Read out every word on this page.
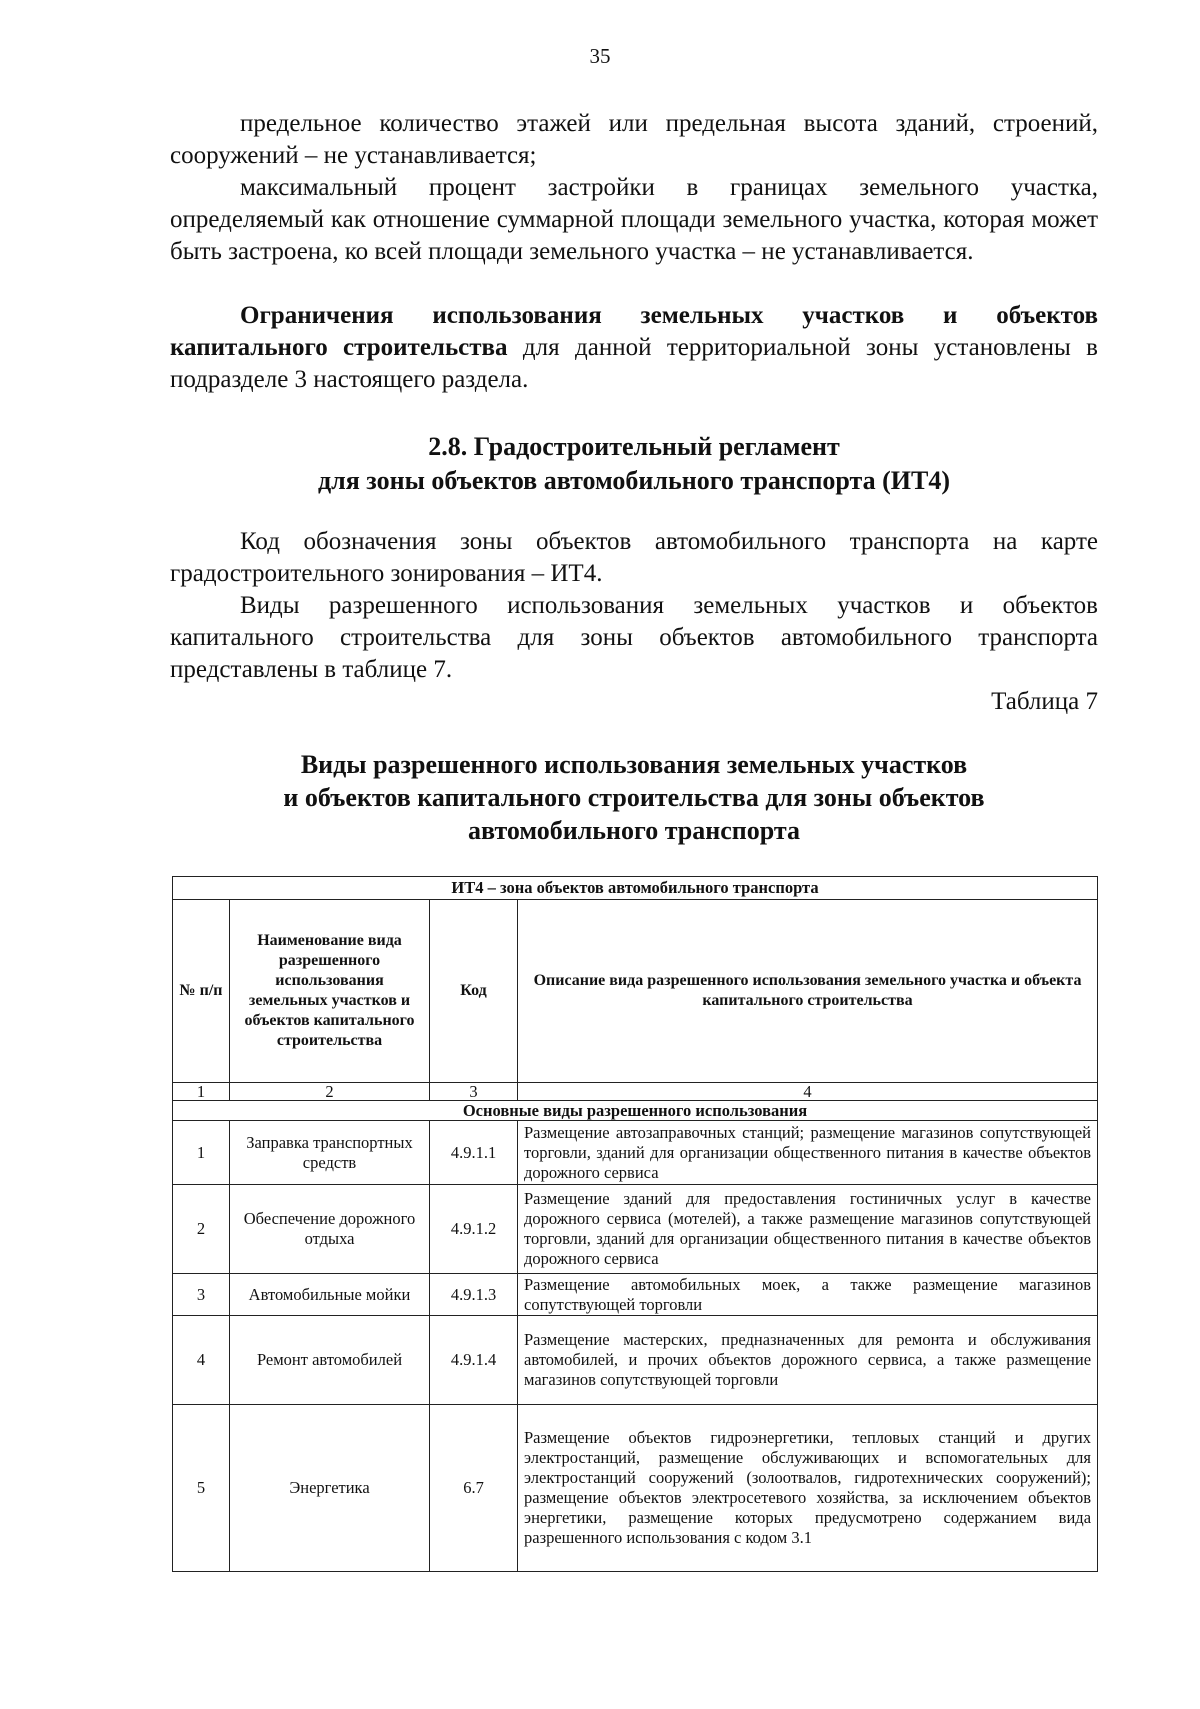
35

предельное количество этажей или предельная высота зданий, строений, сооружений – не устанавливается;

максимальный процент застройки в границах земельного участка, определяемый как отношение суммарной площади земельного участка, которая может быть застроена, ко всей площади земельного участка – не устанавливается.

Ограничения использования земельных участков и объектов капитального строительства для данной территориальной зоны установлены в подразделе 3 настоящего раздела.

2.8. Градостроительный регламент
для зоны объектов автомобильного транспорта (ИТ4)

Код обозначения зоны объектов автомобильного транспорта на карте градостроительного зонирования – ИТ4.

Виды разрешенного использования земельных участков и объектов капитального строительства для зоны объектов автомобильного транспорта представлены в таблице 7.

Таблица 7
Виды разрешенного использования земельных участков
и объектов капитального строительства для зоны объектов
автомобильного транспорта
ИТ4 – зона объектов автомобильного транспорта			
№ п/п	Наименование вида разрешенного использования земельных участков и объектов капитального строительства	Код	Описание вида разрешенного использования земельного участка и объекта капитального строительства
1	2	3	4
Основные виды разрешенного использования			
1	Заправка транспортных средств	4.9.1.1	Размещение автозаправочных станций; размещение магазинов сопутствующей торговли, зданий для организации общественного питания в качестве объектов дорожного сервиса
2	Обеспечение дорожного отдыха	4.9.1.2	Размещение зданий для предоставления гостиничных услуг в качестве дорожного сервиса (мотелей), а также размещение магазинов сопутствующей торговли, зданий для организации общественного питания в качестве объектов дорожного сервиса
3	Автомобильные мойки	4.9.1.3	Размещение автомобильных моек, а также размещение магазинов сопутствующей торговли
4	Ремонт автомобилей	4.9.1.4	Размещение мастерских, предназначенных для ремонта и обслуживания автомобилей, и прочих объектов дорожного сервиса, а также размещение магазинов сопутствующей торговли
5	Энергетика	6.7	Размещение объектов гидроэнергетики, тепловых станций и других электростанций, размещение обслуживающих и вспомогательных для электростанций сооружений (золоотвалов, гидротехнических сооружений); размещение объектов электросетевого хозяйства, за исключением объектов энергетики, размещение которых предусмотрено содержанием вида разрешенного использования с кодом 3.1
